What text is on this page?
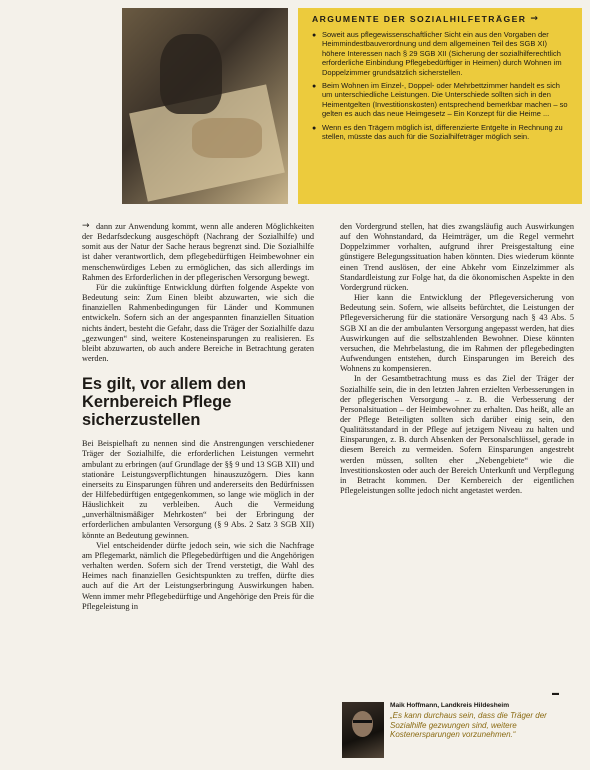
ARGUMENTE DER SOZIALHILFETRÄGER →
● Soweit aus pflegewissenschaftlicher Sicht ein aus den Vorgaben der Heimmindestbauverordnung und dem allgemeinen Teil des SGB XI) höhere Interessen nach § 29 SGB XII (Sicherung der sozialhilferechtlich erforderliche Einbindung Pflegebedürftiger in Heimen) durch Wohnen im Doppelzimmer grundsätzlich sicherstellen.
● Beim Wohnen im Einzel-, Doppel- oder Mehrbettzimmer handelt es sich um unterschiedliche Leistungen. Die Unterschiede sollten sich in den Heimentgelten (Investitionskosten) entsprechend bemerkbar machen – so gelten es auch das neue Heimgesetz – Ein Konzept für die Heime ...
● Wenn es den Trägern möglich ist, differenzierte Entgelte in Rechnung zu stellen, müsste das auch für die Sozialhilfeträger möglich sein.
→ dann zur Anwendung kommt, wenn alle anderen Möglichkeiten der Bedarfsdeckung ausgeschöpft (Nachrang der Sozialhilfe) und somit aus der Natur der Sache heraus begrenzt sind. Die Sozialhilfe ist daher verantwortlich, dem pflegebedürftigen Heimbewohner ein menschenwürdiges Leben zu ermöglichen, das sich allerdings im Rahmen des Erforderlichen in der pflegerischen Versorgung bewegt.

Für die zukünftige Entwicklung dürften folgende Aspekte von Bedeutung sein: Zum Einen bleibt abzuwarten, wie sich die finanziellen Rahmenbedingungen für Länder und Kommunen entwickeln. Sofern sich an der angespannten finanziellen Situation nichts ändert, besteht die Gefahr, dass die Träger der Sozialhilfe dazu „gezwungen“ sind, weitere Kosteneinsparungen zu realisieren. Es bleibt abzuwarten, ob auch andere Bereiche in Betrachtung geraten werden.

Es gilt, vor allem den Kernbereich Pflege sicherzustellen

Bei Beispielhaft zu nennen sind die Anstrengungen verschiedener Träger der Sozialhilfe, die erforderlichen Leistungen vermehrt ambulant zu erbringen (auf Grundlage der §§ 9 und 13 SGB XII) und stationäre Leistungsverpflichtungen hinauszuzögern. Dies kann einerseits zu Einsparungen führen und andererseits den Bedürfnissen der Hilfebedürftigen entgegenkommen, so lange wie möglich in der Häuslichkeit zu verbleiben. Auch die Vermeidung „unverhältnismäßiger Mehrkosten“ bei der Erbringung der erforderlichen ambulanten Versorgung (§ 9 Abs. 2 Satz 3 SGB XII) könnte an Bedeutung gewinnen.

Viel entscheidender dürfte jedoch sein, wie sich die Nachfrage am Pflegemarkt, nämlich die Pflegebedürftigen und die Angehörigen verhalten werden. Sofern sich der Trend verstetigt, die Wahl des Heimes nach finanziellen Gesichtspunkten zu treffen, dürfte dies auch auf die Art der Leistungserbringung Auswirkungen haben. Wenn immer mehr Pflegebedürftige und Angehörige den Preis für die Pflegeleistung in

den Vordergrund stellen, hat dies zwangsläufig auch Auswirkungen auf den Wohnstandard, da Heimträger, um die Regel vermehrt Doppelzimmer vorhalten, aufgrund ihrer Preisgestaltung eine günstigere Belegungssituation haben könnten. Dies wiederum könnte einen Trend auslösen, der eine Abkehr vom Einzelzimmer als Standardleistung zur Folge hat, da die ökonomischen Aspekte in den Vordergrund rücken.

Hier kann die Entwicklung der Pflegeversicherung von Bedeutung sein. Sofern, wie allseits befürchtet, die Leistungen der Pflegeversicherung für die stationäre Versorgung nach § 43 Abs. 5 SGB XI an die der ambulanten Versorgung angepasst werden, hat dies Auswirkungen auf die selbstzahlenden Bewohner. Diese könnten versuchen, die Mehrbelastung, die im Rahmen der pflegebedingten Aufwendungen entstehen, durch Einsparungen im Bereich des Wohnens zu kompensieren.

In der Gesamtbetrachtung muss es das Ziel der Träger der Sozialhilfe sein, die in den letzten Jahren erzielten Verbesserungen in der pflegerischen Versorgung – z. B. die Verbesserung der Personalsituation – der Heimbewohner zu erhalten. Das heißt, alle an der Pflege Beteiligten sollten sich darüber einig sein, den Qualitätsstandard in der Pflege auf jetzigem Niveau zu halten und Einsparungen, z. B. durch Absenken der Personalschlüssel, gerade in diesem Bereich zu vermeiden. Sofern Einsparungen angestrebt werden müssen, sollten eher „Nebengebiete“ wie die Investitionskosten oder auch der Bereich Unterkunft und Verpflegung in Betracht kommen. Der Kernbereich der eigentlichen Pflegeleistungen sollte jedoch nicht angetastet werden.

▬
Maik Hoffmann, Landkreis Hildesheim
„Es kann durchaus sein, dass die Träger der Sozialhilfe gezwungen sind, weitere Kostenersparungen vorzunehmen.“
